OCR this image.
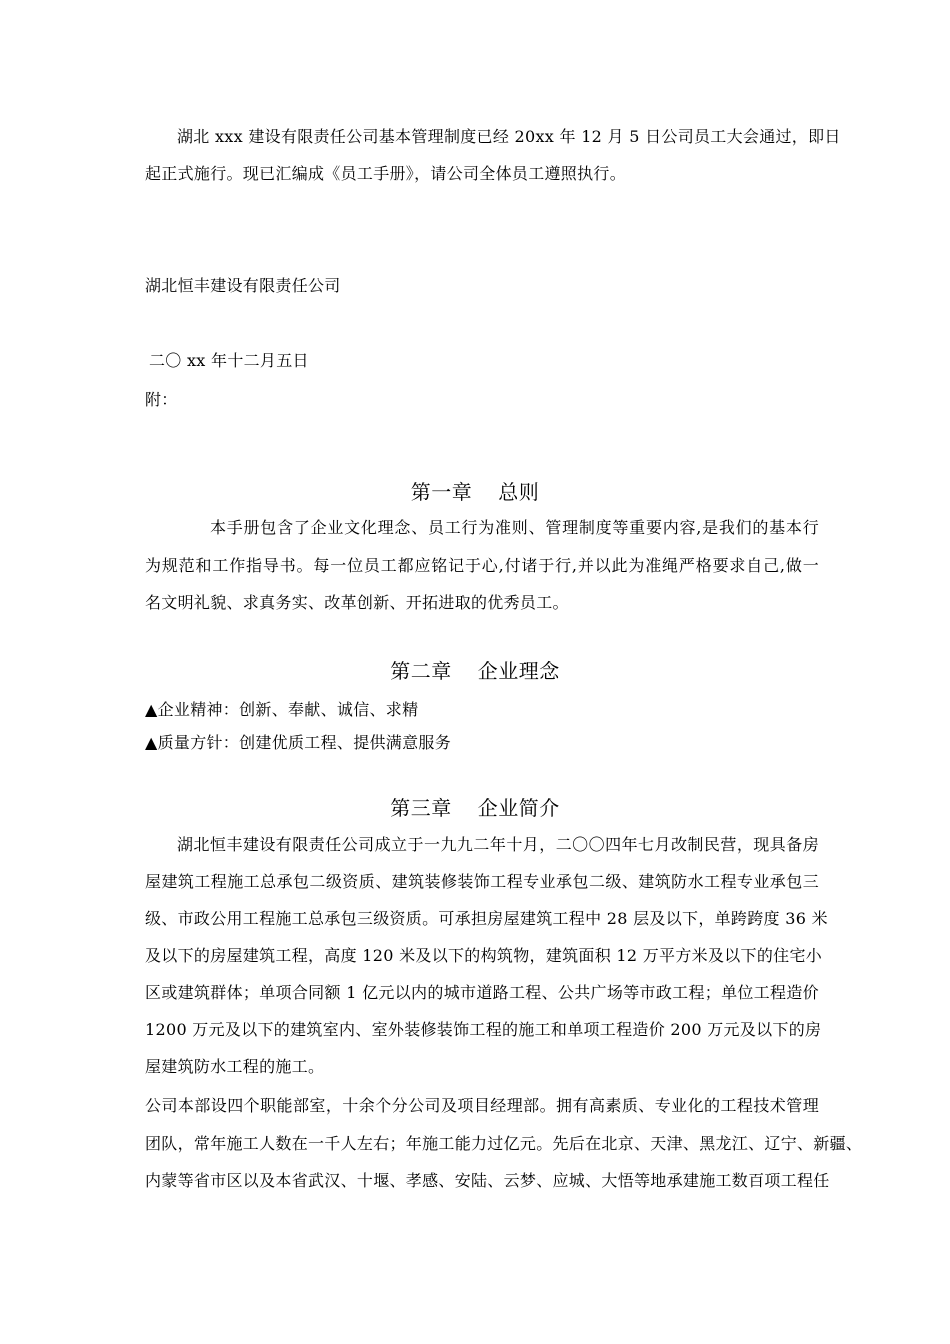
湖北 xxx 建设有限责任公司基本管理制度已经 20xx 年 12 月 5 日公司员工大会通过，即日
起正式施行。现已汇编成《员工手册》，请公司全体员工遵照执行。
湖北恒丰建设有限责任公司
二〇 xx 年十二月五日
附：
第一章 总则
本手册包含了企业文化理念、员工行为准则、管理制度等重要内容,是我们的基本行
为规范和工作指导书。每一位员工都应铭记于心,付诸于行,并以此为准绳严格要求自己,做一
名文明礼貌、求真务实、改革创新、开拓进取的优秀员工。
第二章 企业理念
▲企业精神：创新、奉献、诚信、求精
▲质量方针：创建优质工程、提供满意服务
第三章 企业简介
湖北恒丰建设有限责任公司成立于一九九二年十月，二〇〇四年七月改制民营，现具备房
屋建筑工程施工总承包二级资质、建筑装修装饰工程专业承包二级、建筑防水工程专业承包三
级、市政公用工程施工总承包三级资质。可承担房屋建筑工程中 28 层及以下，单跨跨度 36 米
及以下的房屋建筑工程，高度 120 米及以下的构筑物，建筑面积 12 万平方米及以下的住宅小
区或建筑群体；单项合同额 1 亿元以内的城市道路工程、公共广场等市政工程；单位工程造价
1200 万元及以下的建筑室内、室外装修装饰工程的施工和单项工程造价 200 万元及以下的房
屋建筑防水工程的施工。
公司本部设四个职能部室，十余个分公司及项目经理部。拥有高素质、专业化的工程技术管理
团队，常年施工人数在一千人左右；年施工能力过亿元。先后在北京、天津、黑龙江、辽宁、新疆、
内蒙等省市区以及本省武汉、十堰、孝感、安陆、云梦、应城、大悟等地承建施工数百项工程任
